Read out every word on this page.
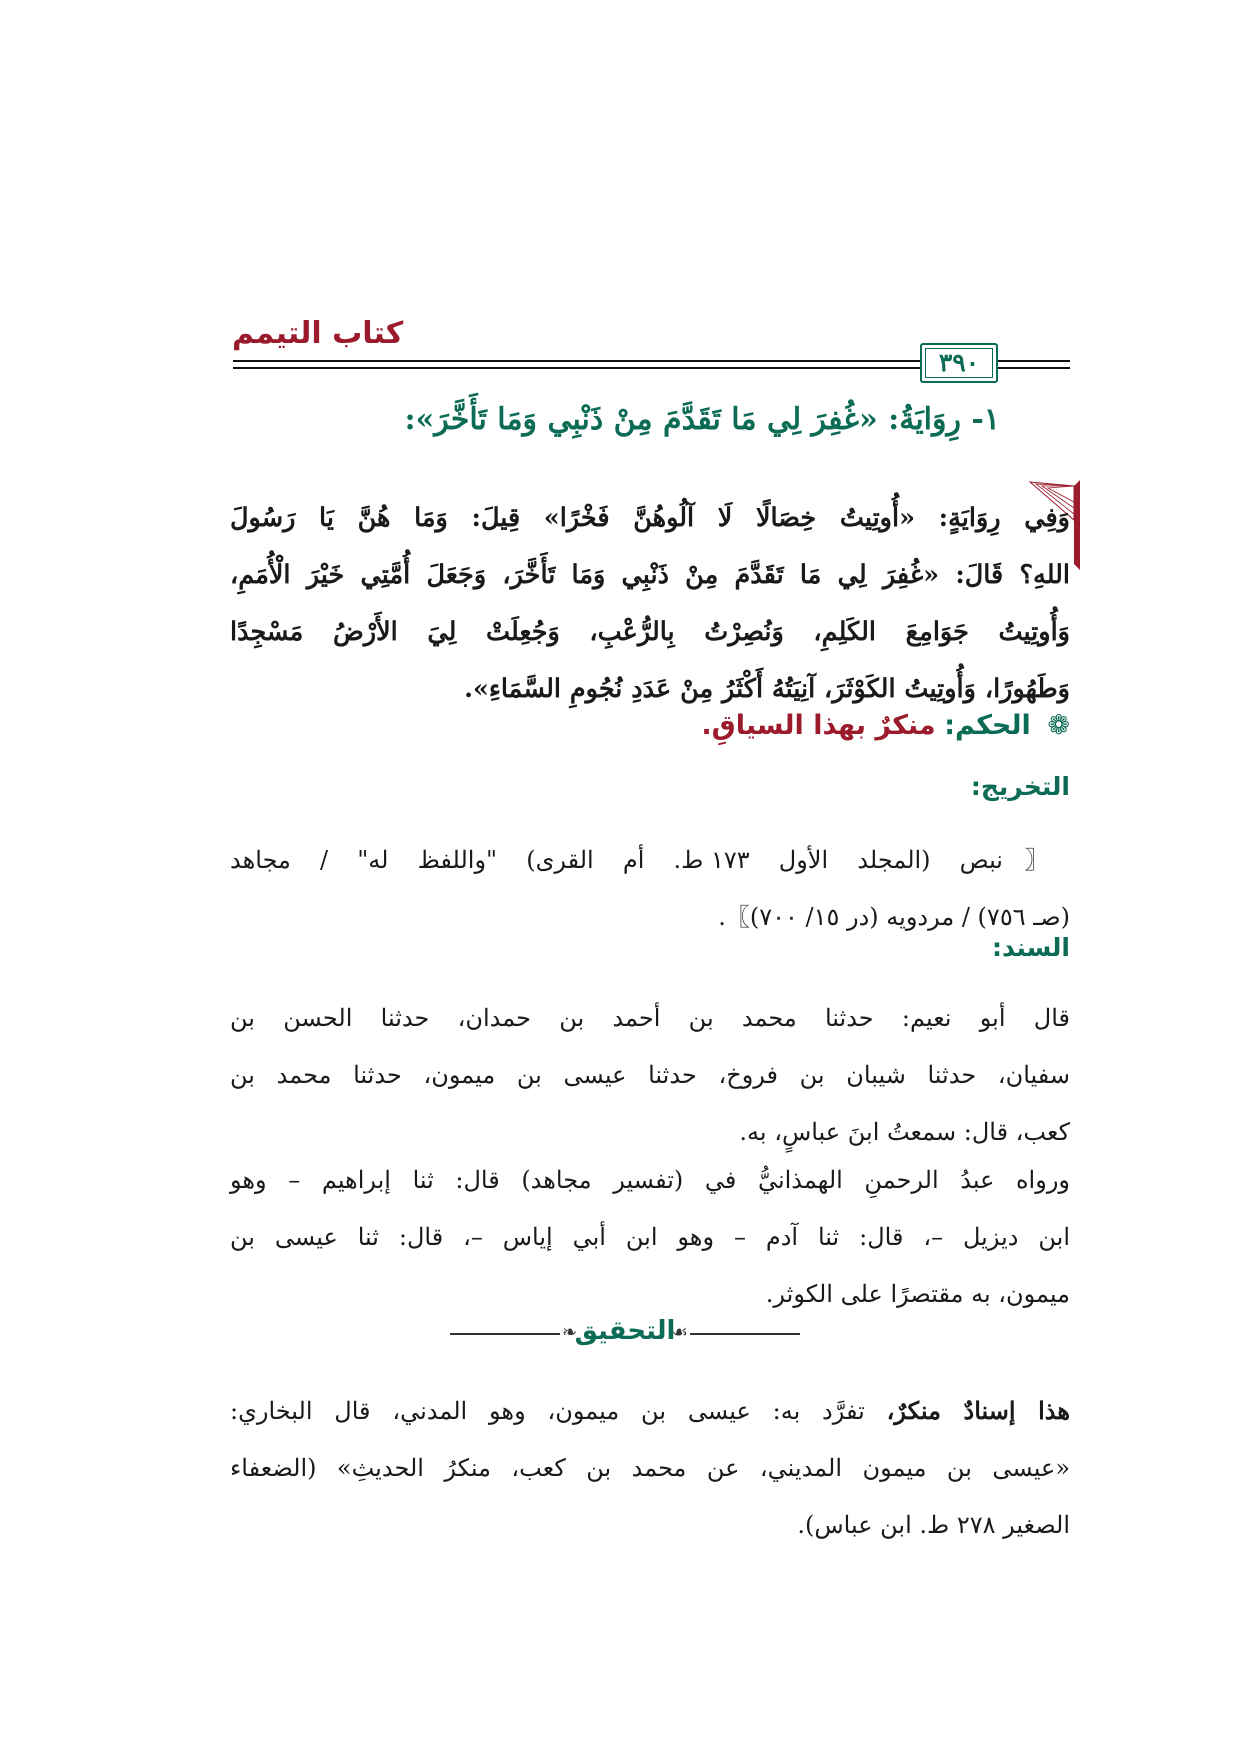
كتاب التيمم
٣٩٠
١- رِوَايَةُ: «غُفِرَ لِي مَا تَقَدَّمَ مِنْ ذَنْبِي وَمَا تَأَخَّرَ»:
وَفِي رِوَايَةٍ: «أُوتِيتُ خِصَالًا لَا آلُوهُنَّ فَخْرًا» قِيلَ: وَمَا هُنَّ يَا رَسُولَ
اللهِ؟ قَالَ: «غُفِرَ لِي مَا تَقَدَّمَ مِنْ ذَنْبِي وَمَا تَأَخَّرَ، وَجَعَلَ أُمَّتِي خَيْرَ الْأُمَمِ،
وَأُوتِيتُ جَوَامِعَ الكَلِمِ، وَنُصِرْتُ بِالرُّعْبِ، وَجُعِلَتْ لِيَ الأَرْضُ مَسْجِدًا
وَطَهُورًا، وَأُوتِيتُ الكَوْثَرَ، آنِيَتُهُ أَكْثَرُ مِنْ عَدَدِ نُجُومِ السَّمَاءِ».
❁ الحكم: منكرٌ بهذا السياقِ.
التخريج:
〖نبص (المجلد الأول ١٧٣ ط. أم القرى) "واللفظ له" / مجاهد
(صـ ٧٥٦) / مردويه (در ١٥/ ٧٠٠)〗.
السند:
قال أبو نعيم: حدثنا محمد بن أحمد بن حمدان، حدثنا الحسن بن
سفيان، حدثنا شيبان بن فروخ، حدثنا عيسى بن ميمون، حدثنا محمد بن
كعب، قال: سمعتُ ابنَ عباسٍ، به.
ورواه عبدُ الرحمنِ الهمذانيُّ في (تفسير مجاهد) قال: ثنا إبراهيم – وهو
ابن ديزيل –، قال: ثنا آدم – وهو ابن أبي إياس –، قال: ثنا عيسى بن
ميمون، به مقتصرًا على الكوثر.
❧
التحقيق
☙
هذا إسنادٌ منكرٌ، تفرَّد به: عيسى بن ميمون، وهو المدني، قال البخاري:
«عيسى بن ميمون المديني، عن محمد بن كعب، منكرُ الحديثِ» (الضعفاء
الصغير ٢٧٨ ط. ابن عباس).
